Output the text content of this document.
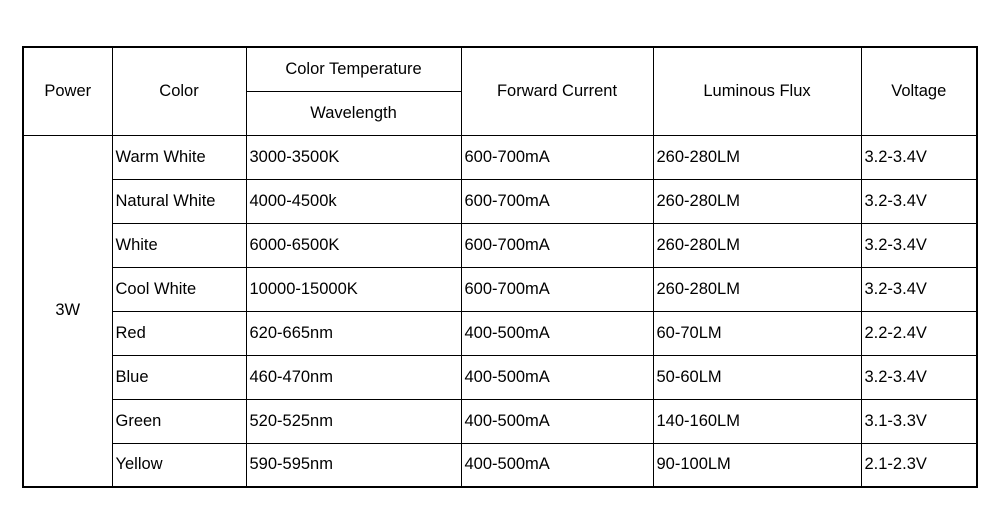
Power	Color	Color Temperature	Forward Current	Luminous Flux	Voltage
		Wavelength			
3W	Warm White	3000-3500K	600-700mA	260-280LM	3.2-3.4V
	Natural White	4000-4500k	600-700mA	260-280LM	3.2-3.4V
	White	6000-6500K	600-700mA	260-280LM	3.2-3.4V
	Cool White	10000-15000K	600-700mA	260-280LM	3.2-3.4V
	Red	620-665nm	400-500mA	60-70LM	2.2-2.4V
	Blue	460-470nm	400-500mA	50-60LM	3.2-3.4V
	Green	520-525nm	400-500mA	140-160LM	3.1-3.3V
	Yellow	590-595nm	400-500mA	90-100LM	2.1-2.3V
